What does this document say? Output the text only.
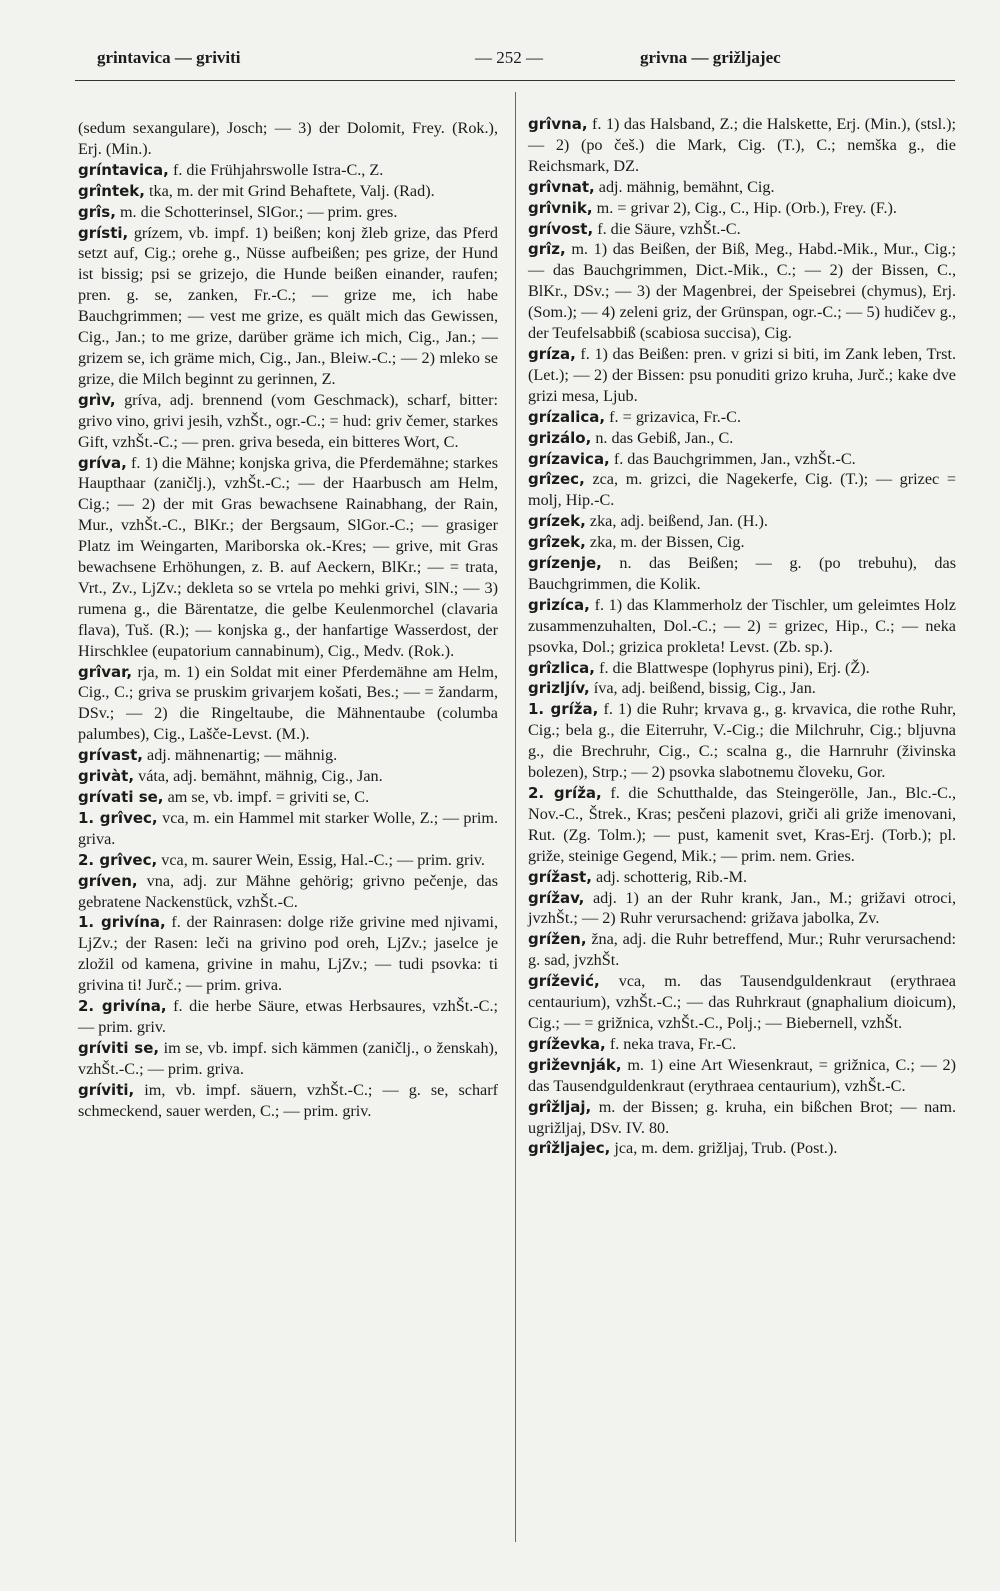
grintavica — griviti	— 252 —	grivna — grižljajec

(sedum sexangulare), Josch; — 3) der Dolomit, Frey. (Rok.), Erj. (Min.).

gríntavica, f. die Frühjahrswolle Istra-C., Z.

grîntek, tka, m. der mit Grind Behaftete, Valj. (Rad).

grîs, m. die Schotterinsel, SlGor.; — prim. gres.

grísti, grízem, vb. impf. 1) beißen; konj žleb grize, das Pferd setzt auf, Cig.; orehe g., Nüsse aufbeißen; pes grize, der Hund ist bissig; psi se grizejo, die Hunde beißen einander, raufen; pren. g. se, zanken, Fr.-C.; — grize me, ich habe Bauchgrimmen; — vest me grize, es quält mich das Gewissen, Cig., Jan.; to me grize, darüber gräme ich mich, Cig., Jan.; — grizem se, ich gräme mich, Cig., Jan., Bleiw.-C.; — 2) mleko se grize, die Milch beginnt zu gerinnen, Z.

grìv, gríva, adj. brennend (vom Geschmack), scharf, bitter: grivo vino, grivi jesih, vzhŠt., ogr.-C.; = hud: griv čemer, starkes Gift, vzhŠt.-C.; — pren. griva beseda, ein bitteres Wort, C.

gríva, f. 1) die Mähne; konjska griva, die Pferdemähne; starkes Haupthaar (zaničlj.), vzhŠt.-C.; — der Haarbusch am Helm, Cig.; — 2) der mit Gras bewachsene Rainabhang, der Rain, Mur., vzhŠt.-C., BlKr.; der Bergsaum, SlGor.-C.; — grasiger Platz im Weingarten, Mariborska ok.-Kres; — grive, mit Gras bewachsene Erhöhungen, z. B. auf Aeckern, BlKr.; — = trata, Vrt., Zv., LjZv.; dekleta so se vrtela po mehki grivi, SlN.; — 3) rumena g., die Bärentatze, die gelbe Keulenmorchel (clavaria flava), Tuš. (R.); — konjska g., der hanfartige Wasserdost, der Hirschklee (eupatorium cannabinum), Cig., Medv. (Rok.).

grîvar, rja, m. 1) ein Soldat mit einer Pferdemähne am Helm, Cig., C.; griva se pruskim grivarjem košati, Bes.; — = žandarm, DSv.; — 2) die Ringeltaube, die Mähnentaube (columba palumbes), Cig., Lašče-Levst. (M.).

grívast, adj. mähnenartig; — mähnig.

grivàt, váta, adj. bemähnt, mähnig, Cig., Jan.

grívati se, am se, vb. impf. = griviti se, C.

1. grîvec, vca, m. ein Hammel mit starker Wolle, Z.; — prim. griva.

2. grîvec, vca, m. saurer Wein, Essig, Hal.-C.; — prim. griv.

gríven, vna, adj. zur Mähne gehörig; grivno pečenje, das gebratene Nackenstück, vzhŠt.-C.

1. grivína, f. der Rainrasen: dolge riže grivine med njivami, LjZv.; der Rasen: leči na grivino pod oreh, LjZv.; jaselce je zložil od kamena, grivine in mahu, LjZv.; — tudi psovka: ti grivina ti! Jurč.; — prim. griva.

2. grivína, f. die herbe Säure, etwas Herbsaures, vzhŠt.-C.; — prim. griv.

gríviti se, im se, vb. impf. sich kämmen (zaničlj., o ženskah), vzhŠt.-C.; — prim. griva.

gríviti, im, vb. impf. säuern, vzhŠt.-C.; — g. se, scharf schmeckend, sauer werden, C.; — prim. griv.

grîvna, f. 1) das Halsband, Z.; die Halskette, Erj. (Min.), (stsl.); — 2) (po češ.) die Mark, Cig. (T.), C.; nemška g., die Reichsmark, DZ.

grîvnat, adj. mähnig, bemähnt, Cig.

grîvnik, m. = grivar 2), Cig., C., Hip. (Orb.), Frey. (F.).

grívost, f. die Säure, vzhŠt.-C.

grîz, m. 1) das Beißen, der Biß, Meg., Habd.-Mik., Mur., Cig.; — das Bauchgrimmen, Dict.-Mik., C.; — 2) der Bissen, C., BlKr., DSv.; — 3) der Magenbrei, der Speisebrei (chymus), Erj. (Som.); — 4) zeleni griz, der Grünspan, ogr.-C.; — 5) hudičev g., der Teufelsabbiß (scabiosa succisa), Cig.

gríza, f. 1) das Beißen: pren. v grizi si biti, im Zank leben, Trst. (Let.); — 2) der Bissen: psu ponuditi grizo kruha, Jurč.; kake dve grizi mesa, Ljub.

grízalica, f. = grizavica, Fr.-C.

grizálo, n. das Gebiß, Jan., C.

grízavica, f. das Bauchgrimmen, Jan., vzhŠt.-C.

grîzec, zca, m. grizci, die Nagekerfe, Cig. (T.); — grizec = molj, Hip.-C.

grízek, zka, adj. beißend, Jan. (H.).

grîzek, zka, m. der Bissen, Cig.

grízenje, n. das Beißen; — g. (po trebuhu), das Bauchgrimmen, die Kolik.

grizíca, f. 1) das Klammerholz der Tischler, um geleimtes Holz zusammenzuhalten, Dol.-C.; — 2) = grizec, Hip., C.; — neka psovka, Dol.; grizica prokleta! Levst. (Zb. sp.).

grîzlica, f. die Blattwespe (lophyrus pini), Erj. (Ž).

grizljív, íva, adj. beißend, bissig, Cig., Jan.

1. gríža, f. 1) die Ruhr; krvava g., g. krvavica, die rothe Ruhr, Cig.; bela g., die Eiterruhr, V.-Cig.; die Milchruhr, Cig.; bljuvna g., die Brechruhr, Cig., C.; scalna g., die Harnruhr (živinska bolezen), Strp.; — 2) psovka slabotnemu človeku, Gor.

2. gríža, f. die Schutthalde, das Steingerölle, Jan., Blc.-C., Nov.-C., Štrek., Kras; pesčeni plazovi, griči ali griže imenovani, Rut. (Zg. Tolm.); — pust, kamenit svet, Kras-Erj. (Torb.); pl. griže, steinige Gegend, Mik.; — prim. nem. Gries.

grížast, adj. schotterig, Rib.-M.

grížav, adj. 1) an der Ruhr krank, Jan., M.; grižavi otroci, jvzhŠt.; — 2) Ruhr verursachend: grižava jabolka, Zv.

grížen, žna, adj. die Ruhr betreffend, Mur.; Ruhr verursachend: g. sad, jvzhŠt.

grížević, vca, m. das Tausendguldenkraut (erythraea centaurium), vzhŠt.-C.; — das Ruhrkraut (gnaphalium dioicum), Cig.; — = grižnica, vzhŠt.-C., Polj.; — Biebernell, vzhŠt.

gríževka, f. neka trava, Fr.-C.

griževnják, m. 1) eine Art Wiesenkraut, = grižnica, C.; — 2) das Tausendguldenkraut (erythraea centaurium), vzhŠt.-C.

grîžljaj, m. der Bissen; g. kruha, ein bißchen Brot; — nam. ugrižljaj, DSv. IV. 80.

grîžljajec, jca, m. dem. grižljaj, Trub. (Post.).
